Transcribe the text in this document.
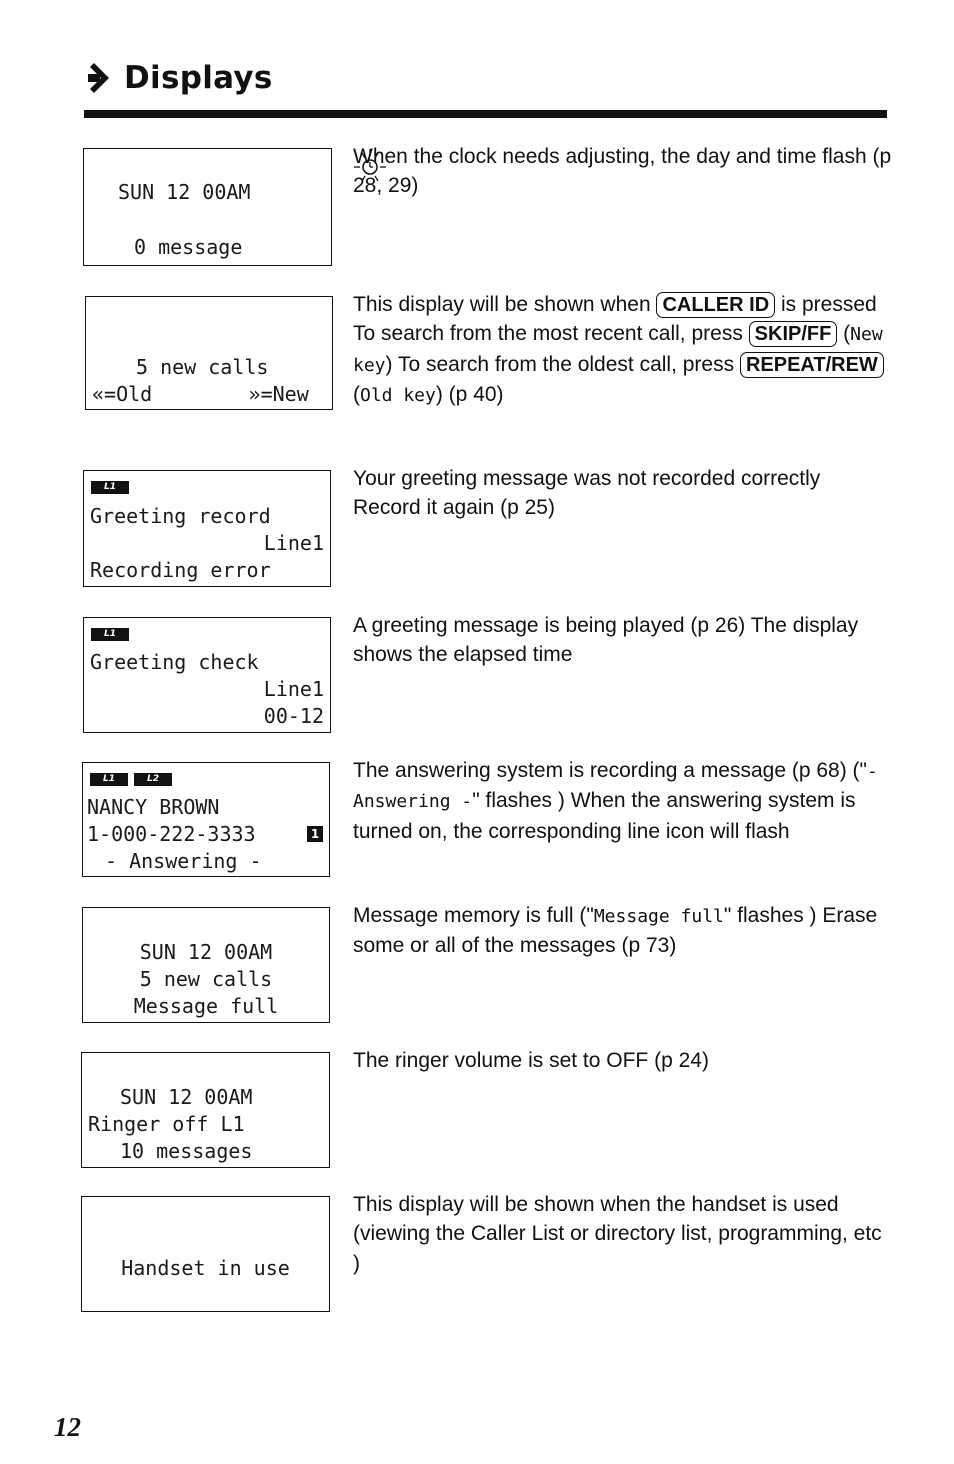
Displays

SUN 12 00AM

0 message

When the clock needs adjusting, the day and time flash (p 28, 29)

5 new calls

«=Old        »=New

This display will be shown when CALLER ID is pressed To search from the most recent call, press SKIP/FF (New key) To search from the oldest call, press REPEAT/REW (Old key) (p 40)

L1

Greeting record

Line1

Recording error

Your greeting message was not recorded correctly Record it again (p 25)

L1

Greeting check

Line1

00-12

A greeting message is being played (p 26) The display shows the elapsed time

L1	L2

NANCY BROWN

1-000-222-3333

	1

- Answering -

The answering system is recording a message (p 68) ("- Answering -" flashes ) When the answering system is turned on, the corresponding line icon will flash

SUN 12 00AM

5 new calls

Message full

Message memory is full ("Message full" flashes ) Erase some or all of the messages (p 73)

SUN 12 00AM

Ringer off L1

10 messages

The ringer volume is set to OFF (p 24)

Handset in use

This display will be shown when the handset is used (viewing the Caller List or directory list, programming, etc )
12
